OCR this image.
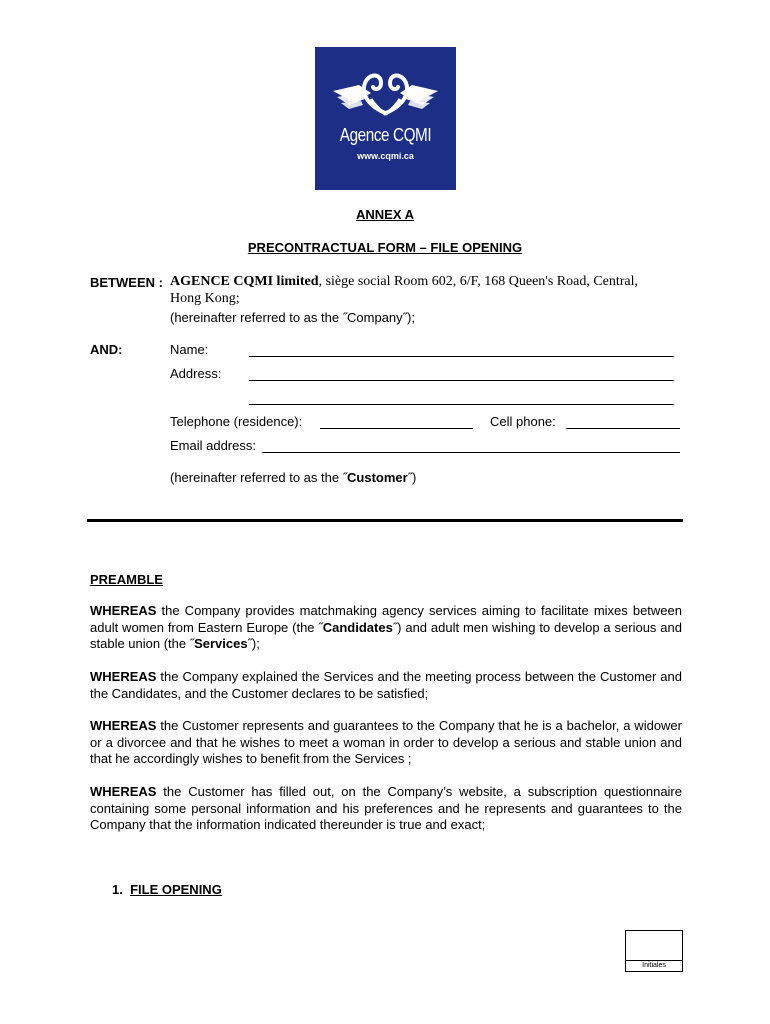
Agence CQMI
www.cqmi.ca
ANNEX A
PRECONTRACTUAL FORM – FILE OPENING
BETWEEN : AGENCE CQMI limited, siège social Room 602, 6/F, 168 Queen's Road, Central,
Hong Kong;
(hereinafter referred to as the ˝Company˝);
AND:	Name:
Address:
Telephone (residence):	Cell phone:
Email address:
(hereinafter referred to as the ˝Customer˝)
PREAMBLE

WHEREAS the Company provides matchmaking agency services aiming to facilitate mixes between adult women from Eastern Europe (the ˝Candidates˝) and adult men wishing to develop a serious and stable union (the ˝Services˝);

WHEREAS the Company explained the Services and the meeting process between the Customer and the Candidates, and the Customer declares to be satisfied;

WHEREAS the Customer represents and guarantees to the Company that he is a bachelor, a widower or a divorcee and that he wishes to meet a woman in order to develop a serious and stable union and that he accordingly wishes to benefit from the Services ;

WHEREAS the Customer has filled out, on the Company’s website, a subscription questionnaire containing some personal information and his preferences and he represents and guarantees to the Company that the information indicated thereunder is true and exact;

1. FILE OPENING
Initiales
